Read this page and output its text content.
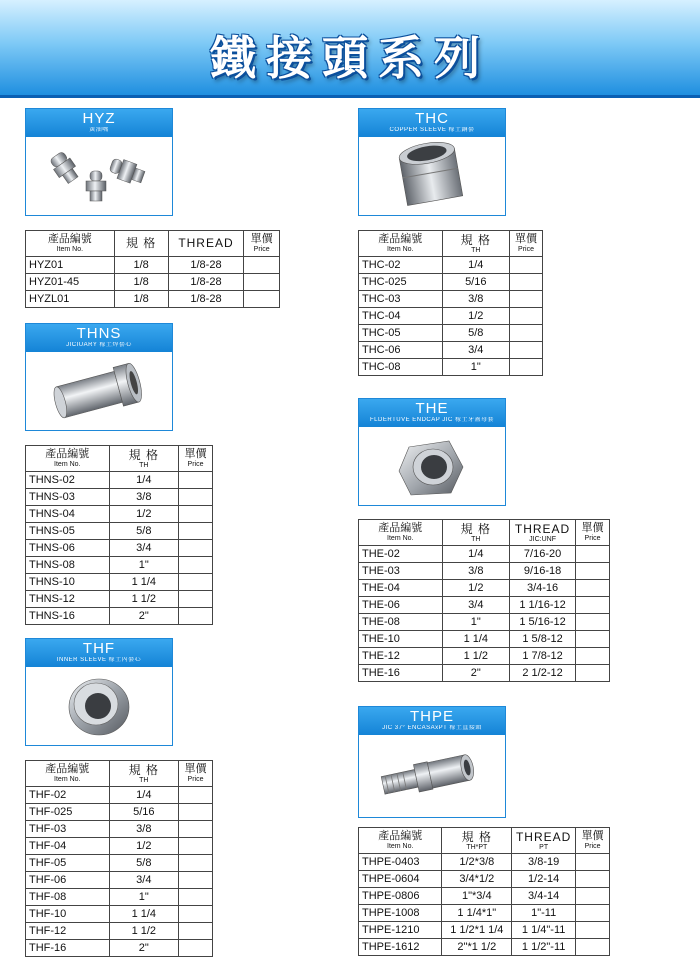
鐵接頭系列
HYZ
黃油嘴
產品編號
Item No.	規 格	THREAD	單價
Price

HYZ01	1/8	1/8-28	
HYZ01-45	1/8	1/8-28	
HYZL01	1/8	1/8-28	
THNS
JICIUARY 稼土焊套心
產品編號
Item No.	規 格
TH	單價
Price

THNS-02	1/4	
THNS-03	3/8	
THNS-04	1/2	
THNS-05	5/8	
THNS-06	3/4	
THNS-08	1"	
THNS-10	1 1/4	
THNS-12	1 1/2	
THNS-16	2"	
THF
INNER SLEEVE 稼土內套心
產品編號
Item No.	規 格
TH	單價
Price

THF-02	1/4	
THF-025	5/16	
THF-03	3/8	
THF-04	1/2	
THF-05	5/8	
THF-06	3/4	
THF-08	1"	
THF-10	1 1/4	
THF-12	1 1/2	
THF-16	2"	
THC
COPPER SLEEVE 稼土銅套
產品編號
Item No.	規 格
TH	單價
Price

THC-02	1/4	
THC-025	5/16	
THC-03	3/8	
THC-04	1/2	
THC-05	5/8	
THC-06	3/4	
THC-08	1"	
THE
FLDERTUVE ENDCAP JIC 稼土牙蓋母套
產品編號
Item No.	規 格
TH	THREAD
JIC:UNF	單價
Price

THE-02	1/4	7/16-20	
THE-03	3/8	9/16-18	
THE-04	1/2	3/4-16	
THE-06	3/4	1 1/16-12	
THE-08	1"	1 5/16-12	
THE-10	1 1/4	1 5/8-12	
THE-12	1 1/2	1 7/8-12	
THE-16	2"	2 1/2-12	
THPE
JIC 37° ENCASAxPT 稼土直接頭
產品編號
Item No.	規 格
TH*PT	THREAD
PT	單價
Price

THPE-0403	1/2*3/8	3/8-19	
THPE-0604	3/4*1/2	1/2-14	
THPE-0806	1"*3/4	3/4-14	
THPE-1008	1 1/4*1"	1"-11	
THPE-1210	1 1/2*1 1/4	1 1/4"-11	
THPE-1612	2"*1 1/2	1 1/2"-11	
